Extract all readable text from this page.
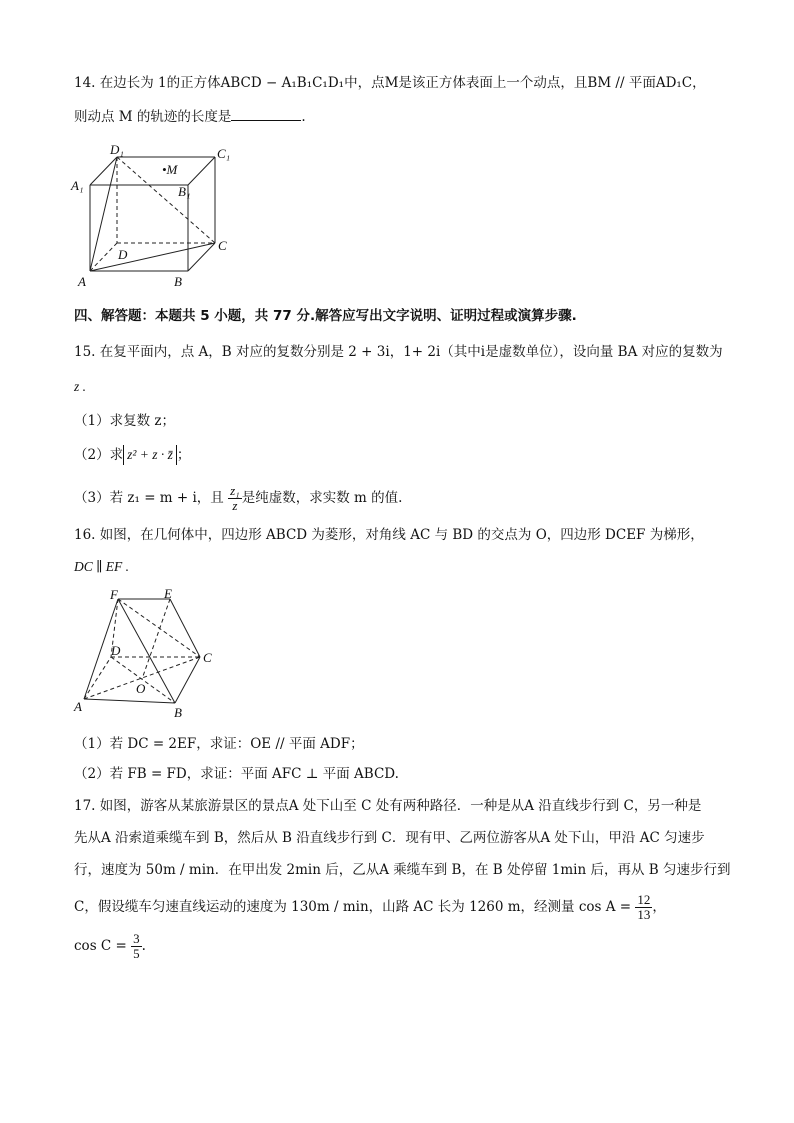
14. 在边长为 1的正方体ABCD − A₁B₁C₁D₁中，点M是该正方体表面上一个动点，且BM // 平面AD₁C，
则动点 M 的轨迹的长度是	.
D₁	C₁
A₁	B₁
•M
D
C
A	B
四、解答题：本题共 5 小题，共 77 分.解答应写出文字说明、证明过程或演算步骤.
15. 在复平面内，点 A，B 对应的复数分别是 2 + 3i，1+ 2i（其中i是虚数单位），设向量 BA 对应的复数为
z .
（1）求复数 z；
（2）求 z² + z · z̄ ；
（3）若 z₁ = m + i，且 $\frac{\text{z₁}}{z}$ 是纯虚数，求实数 m 的值.
16. 如图，在几何体中，四边形 ABCD 为菱形，对角线 AC 与 BD 的交点为 O，四边形 DCEF 为梯形，
DC ∥ EF .
F	E
D	C
O
A	B
（1）若 DC = 2EF，求证：OE // 平面 ADF；
（2）若 FB = FD，求证：平面 AFC ⊥ 平面 ABCD.
17. 如图，游客从某旅游景区的景点A 处下山至 C 处有两种路径．一种是从A 沿直线步行到 C，另一种是
先从A 沿索道乘缆车到 B，然后从 B 沿直线步行到 C．现有甲、乙两位游客从A 处下山，甲沿 AC 匀速步
行，速度为 50m / min．在甲出发 2min 后，乙从A 乘缆车到 B，在 B 处停留 1min 后，再从 B 匀速步行到
C，假设缆车匀速直线运动的速度为 130m / min，山路 AC 长为 1260 m，经测量 $\cos A = \frac{12}{13}$ ，
$\cos C = \frac{3}{5}$ .
